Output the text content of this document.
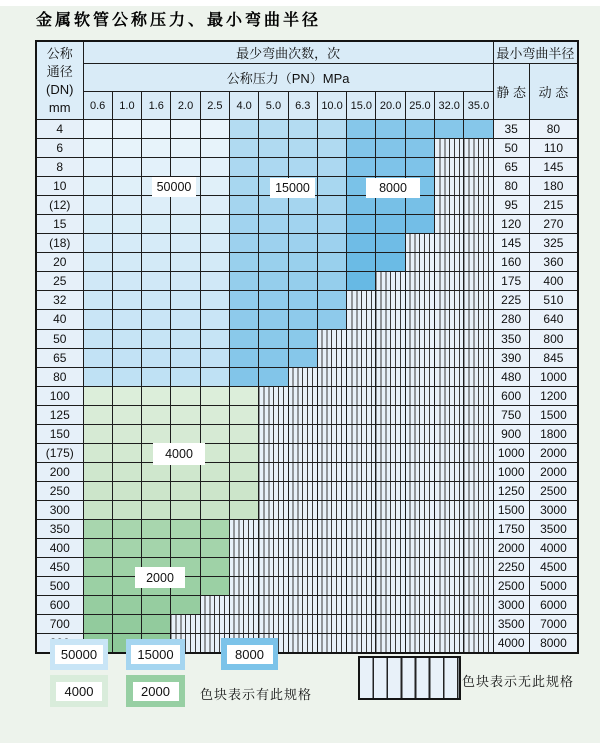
金属软管公称压力、最小弯曲半径
公称
通径
(DN)
mm	最少弯曲次数，次														最小弯曲半径	
	公称压力（PN）MPa														静 态	动 态
	0.6	1.0	1.6	2.0	2.5	4.0	5.0	6.3	10.0	15.0	20.0	25.0	32.0	35.0		
4															35	80
6															50	110
8															65	145
10															80	180
(12)															95	215
15															120	270
(18)															145	325
20															160	360
25															175	400
32															225	510
40															280	640
50															350	800
65															390	845
80															480	1000
100															600	1200
125															750	1500
150															900	1800
(175)															1000	2000
200															1000	2000
250															1250	2500
300															1500	3000
350															1750	3500
400															2000	4000
450															2250	4500
500															2500	5000
600															3000	6000
700															3500	7000
															4000	8000
50000	15000	8000
4000
2000
50000	15000	8000
4000	2000	色块表示有此规格
色块表示无此规格
